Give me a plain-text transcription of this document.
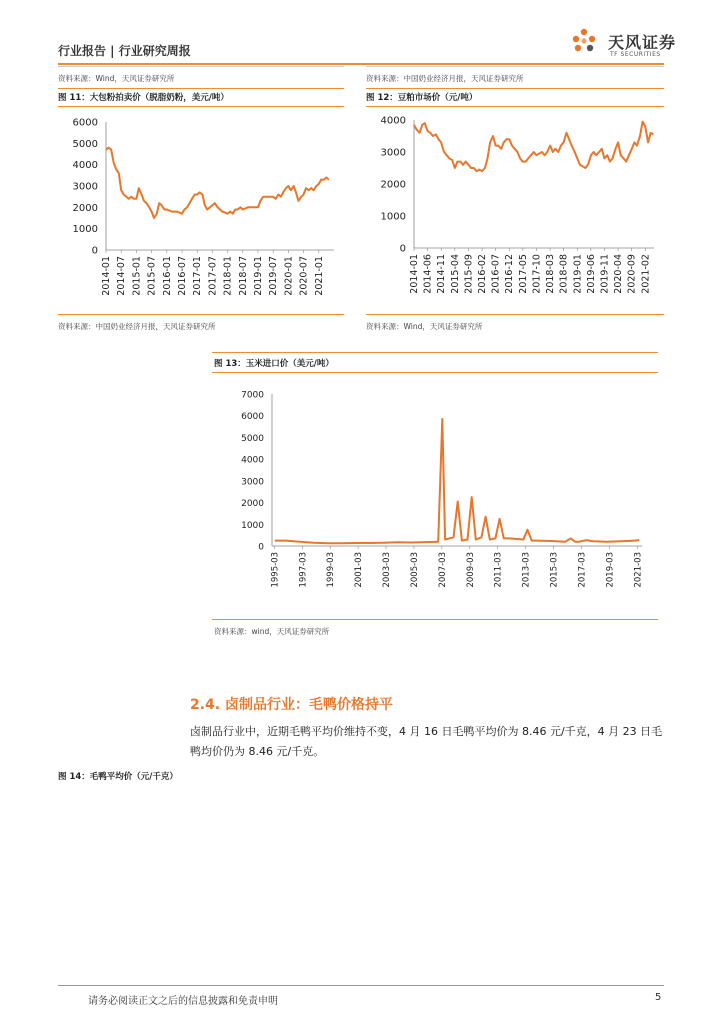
行业报告 | 行业研究周报	天风证券
TF SECURITIES
资料来源：Wind，天风证券研究所	资料来源：中国奶业经济月报，天风证券研究所
图 11：大包粉拍卖价（脱脂奶粉，美元/吨）
0
1000
2000
3000
4000
5000
6000
2014-01 2014-07 2015-01 2015-07 2016-01 2016-07 2017-01 2017-07 2018-01 2018-07 2019-01 2019-07 2020-01 2020-07 2021-01
资料来源：中国奶业经济月报，天风证券研究所
图 12：豆粕市场价（元/吨）
0
1000
2000
3000
4000
2014-01 2014-06 2014-11 2015-04 2015-09 2016-02 2016-07 2016-12 2017-05 2017-10 2018-03 2018-08 2019-01 2019-06 2019-11 2020-04 2020-09 2021-02
资料来源：Wind，天风证券研究所
图 13：玉米进口价（美元/吨）
0
1000
2000
3000
4000
5000
6000
7000
1995-03 1997-03 1999-03 2001-03 2003-03 2005-03 2007-03 2009-03 2011-03 2013-03 2015-03 2017-03 2019-03 2021-03
资料来源：wind，天风证券研究所
2.4. 卤制品行业：毛鸭价格持平
卤制品行业中，近期毛鸭平均价维持不变，4 月 16 日毛鸭平均价为 8.46 元/千克，4 月 23 日毛鸭均价仍为 8.46 元/千克。
图 14：毛鸭平均价（元/千克）
请务必阅读正文之后的信息披露和免责申明	5
